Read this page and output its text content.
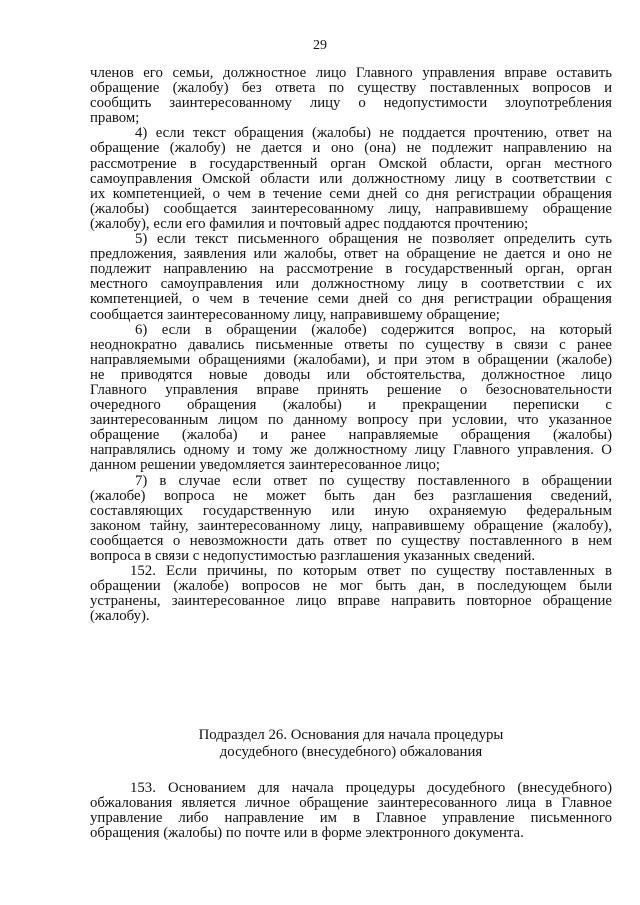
29
членов его семьи, должностное лицо Главного управления вправе оставить
обращение (жалобу) без ответа по существу поставленных вопросов и
сообщить заинтересованному лицу о недопустимости злоупотребления
правом;
4) если текст обращения (жалобы) не поддается прочтению, ответ на
обращение (жалобу) не дается и оно (она) не подлежит направлению на
рассмотрение в государственный орган Омской области, орган местного
самоуправления Омской области или должностному лицу в соответствии с
их компетенцией, о чем в течение семи дней со дня регистрации обращения
(жалобы) сообщается заинтересованному лицу, направившему обращение
(жалобу), если его фамилия и почтовый адрес поддаются прочтению;
5) если текст письменного обращения не позволяет определить суть
предложения, заявления или жалобы, ответ на обращение не дается и оно не
подлежит направлению на рассмотрение в государственный орган, орган
местного самоуправления или должностному лицу в соответствии с их
компетенцией, о чем в течение семи дней со дня регистрации обращения
сообщается заинтересованному лицу, направившему обращение;
6) если в обращении (жалобе) содержится вопрос, на который
неоднократно давались письменные ответы по существу в связи с ранее
направляемыми обращениями (жалобами), и при этом в обращении (жалобе)
не приводятся новые доводы или обстоятельства, должностное лицо
Главного управления вправе принять решение о безосновательности
очередного обращения (жалобы) и прекращении переписки с
заинтересованным лицом по данному вопросу при условии, что указанное
обращение (жалоба) и ранее направляемые обращения (жалобы)
направлялись одному и тому же должностному лицу Главного управления. О
данном решении уведомляется заинтересованное лицо;
7) в случае если ответ по существу поставленного в обращении
(жалобе) вопроса не может быть дан без разглашения сведений,
составляющих государственную или иную охраняемую федеральным
законом тайну, заинтересованному лицу, направившему обращение (жалобу),
сообщается о невозможности дать ответ по существу поставленного в нем
вопроса в связи с недопустимостью разглашения указанных сведений.
152. Если причины, по которым ответ по существу поставленных в
обращении (жалобе) вопросов не мог быть дан, в последующем были
устранены, заинтересованное лицо вправе направить повторное обращение
(жалобу).
Подраздел 26. Основания для начала процедуры
досудебного (внесудебного) обжалования
153. Основанием для начала процедуры досудебного (внесудебного)
обжалования является личное обращение заинтересованного лица в Главное
управление либо направление им в Главное управление письменного
обращения (жалобы) по почте или в форме электронного документа.
